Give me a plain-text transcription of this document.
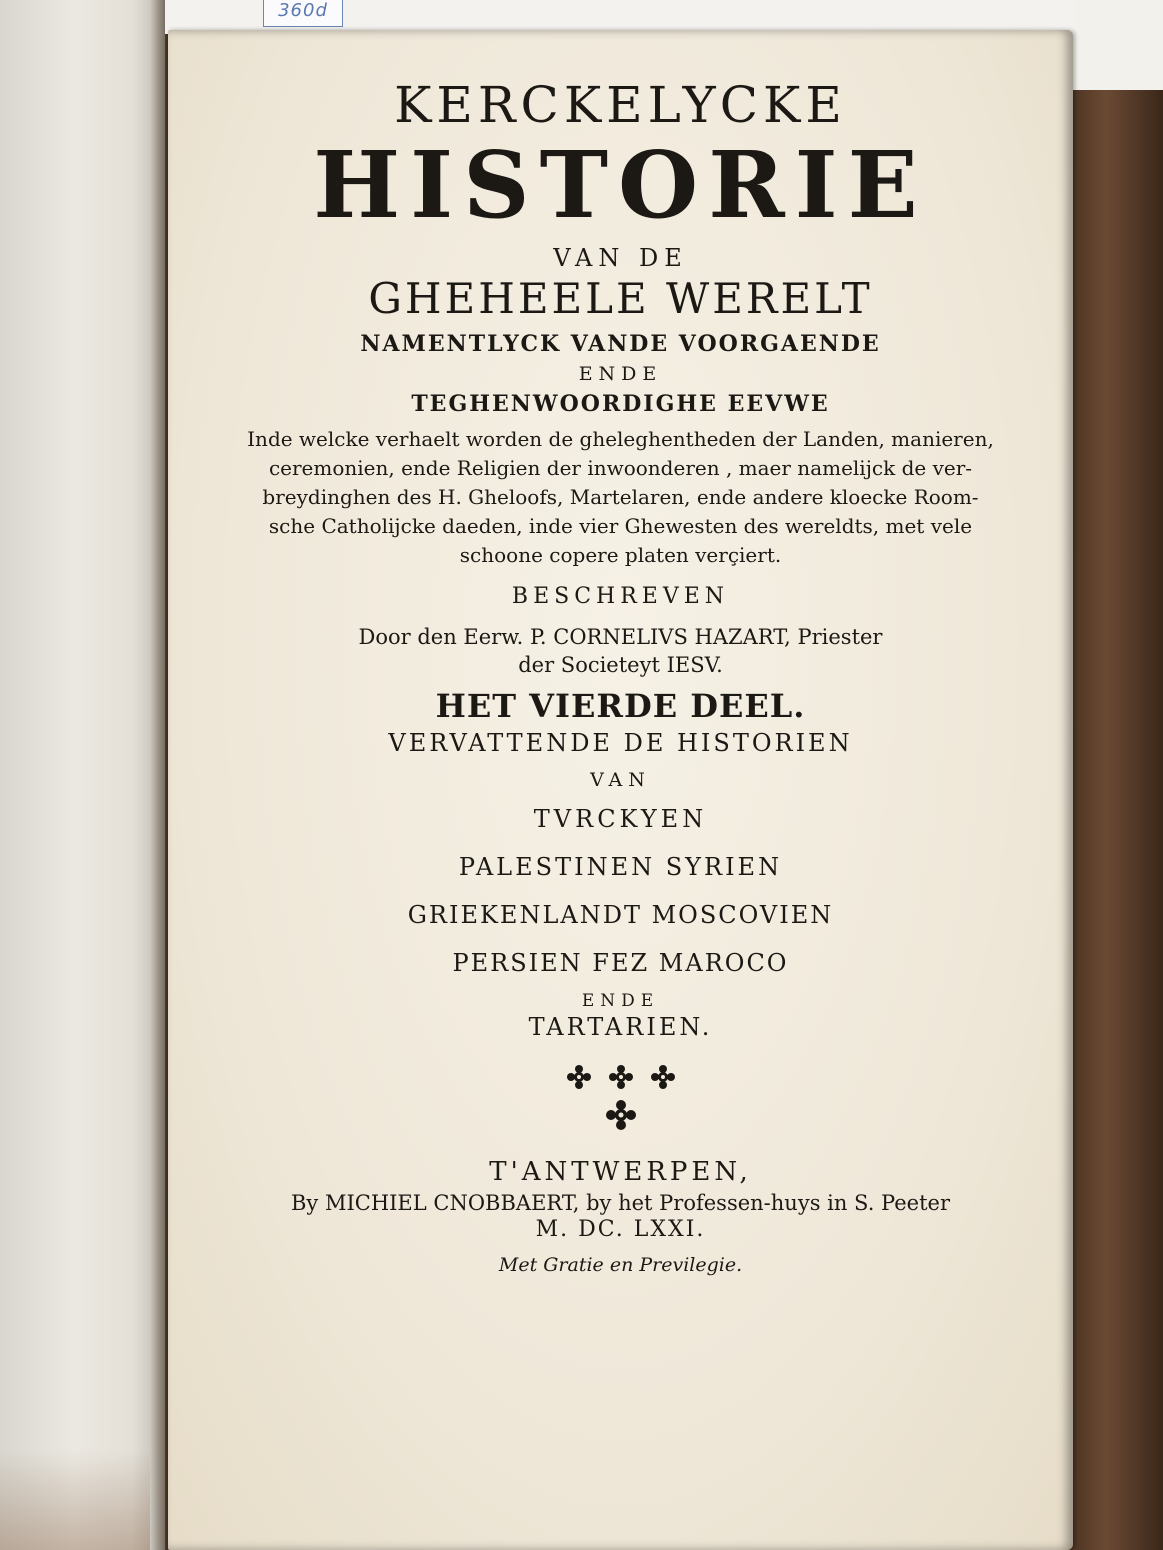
360d
KERCKELYCKE
HISTORIE
VAN DE
GHEHEELE WERELT
NAMENTLYCK VANDE VOORGAENDE
ENDE
TEGHENWOORDIGHE EEVWE
Inde welcke verhaelt worden de gheleghentheden der Landen, manieren,
ceremonien, ende Religien der inwoonderen , maer namelijck de ver-
breydinghen des H. Gheloofs, Martelaren, ende andere kloecke Room-
sche Catholijcke daeden, inde vier Ghewesten des wereldts, met vele
schoone copere platen verçiert.
BESCHREVEN
Door den Eerw. P. CORNELIVS HAZART, Priester
der Societeyt IESV.
HET VIERDE DEEL.
VERVATTENDE DE HISTORIEN
VAN
TVRCKYEN
PALESTINEN SYRIEN
GRIEKENLANDT MOSCOVIEN
PERSIEN FEZ MAROCO
ENDE
TARTARIEN.
T'ANTWERPEN,
By MICHIEL CNOBBAERT, by het Professen-huys in S. Peeter
M. DC. LXXI.
Met Gratie en Previlegie.
